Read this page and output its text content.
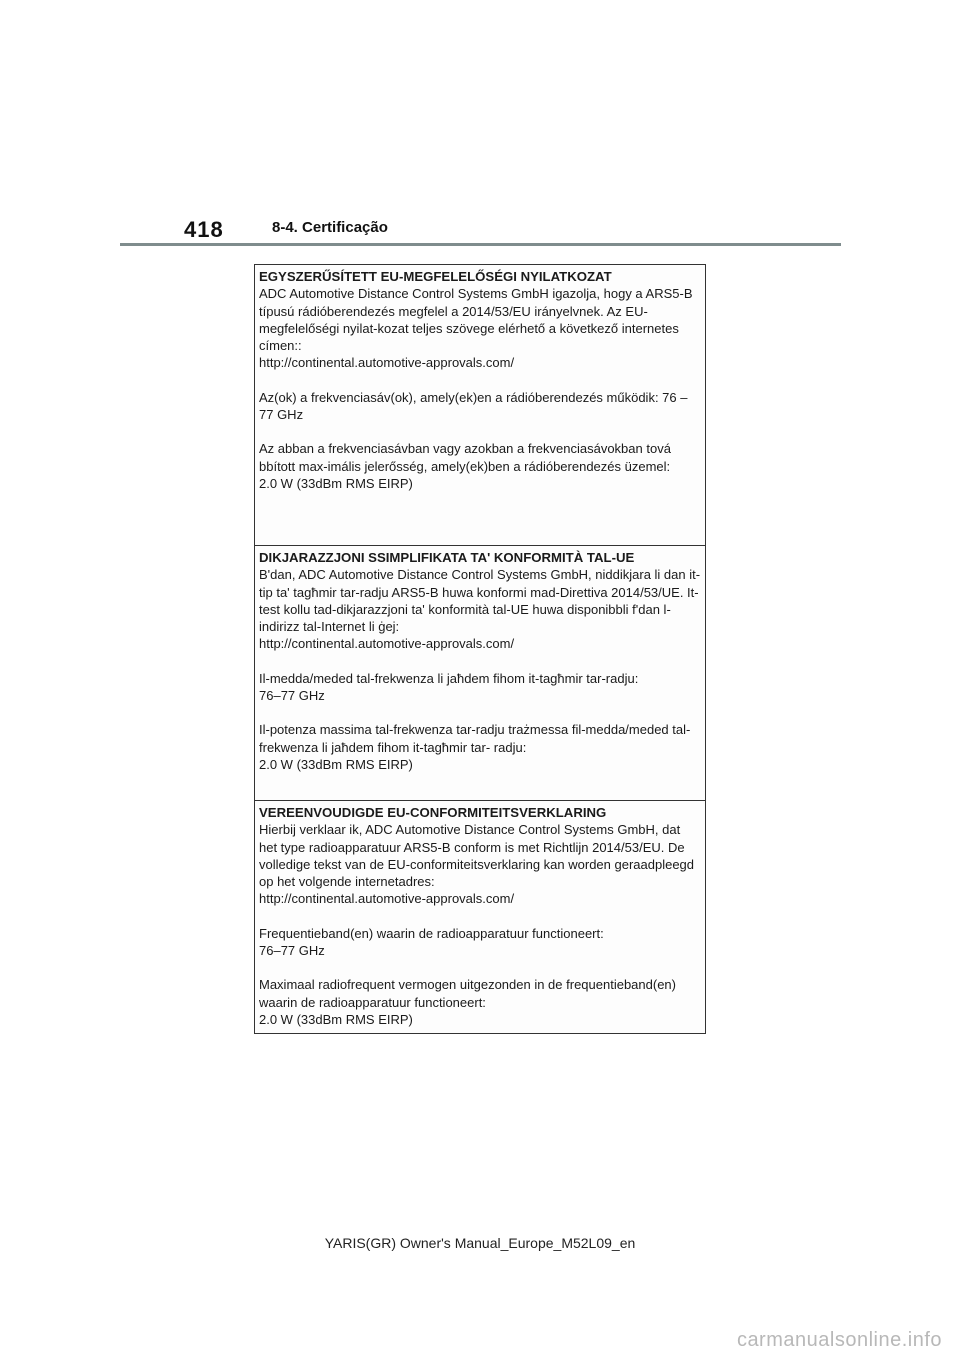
418	8-4. Certificação

EGYSZERŰSÍTETT EU-MEGFELELŐSÉGI NYILATKOZAT

ADC Automotive Distance Control Systems GmbH igazolja, hogy a ARS5-B típusú rádióberendezés megfelel a 2014/53/EU irányelvnek. Az EU-megfelelőségi nyilat-kozat teljes szövege elérhető a következő internetes címen::

http://continental.automotive-approvals.com/

Az(ok) a frekvenciasáv(ok), amely(ek)en a rádióberendezés működik: 76 –77 GHz

Az abban a frekvenciasávban vagy azokban a frekvenciasávokban tová bbított max-imális jelerősség, amely(ek)ben a rádióberendezés üzemel:

2.0 W (33dBm RMS EIRP)

DIKJARAZZJONI SSIMPLIFIKATA TA' KONFORMITÀ TAL-UE

B'dan, ADC Automotive Distance Control Systems GmbH, niddikjara li dan it-tip ta' tagħmir tar-radju ARS5-B huwa konformi mad-Direttiva 2014/53/UE. It-test kollu tad-dikjarazzjoni ta' konformità tal-UE huwa disponibbli f'dan l-indirizz tal-Internet li ġej:

http://continental.automotive-approvals.com/

Il-medda/meded tal-frekwenza li jaħdem fihom it-tagħmir tar-radju:

76–77 GHz

Il-potenza massima tal-frekwenza tar-radju trażmessa fil-medda/meded tal-frekwenza li jaħdem fihom it-tagħmir tar- radju:

2.0 W (33dBm RMS EIRP)

VEREENVOUDIGDE EU-CONFORMITEITSVERKLARING

Hierbij verklaar ik, ADC Automotive Distance Control Systems GmbH, dat het type radioapparatuur ARS5-B conform is met Richtlijn 2014/53/EU. De volledige tekst van de EU-conformiteitsverklaring kan worden geraadpleegd op het volgende internetadres:

http://continental.automotive-approvals.com/

Frequentieband(en) waarin de radioapparatuur functioneert:

76–77 GHz

Maximaal radiofrequent vermogen uitgezonden in de frequentieband(en) waarin de radioapparatuur functioneert:

2.0 W (33dBm RMS EIRP)

YARIS(GR) Owner's Manual_Europe_M52L09_en
carmanualsonline.info
